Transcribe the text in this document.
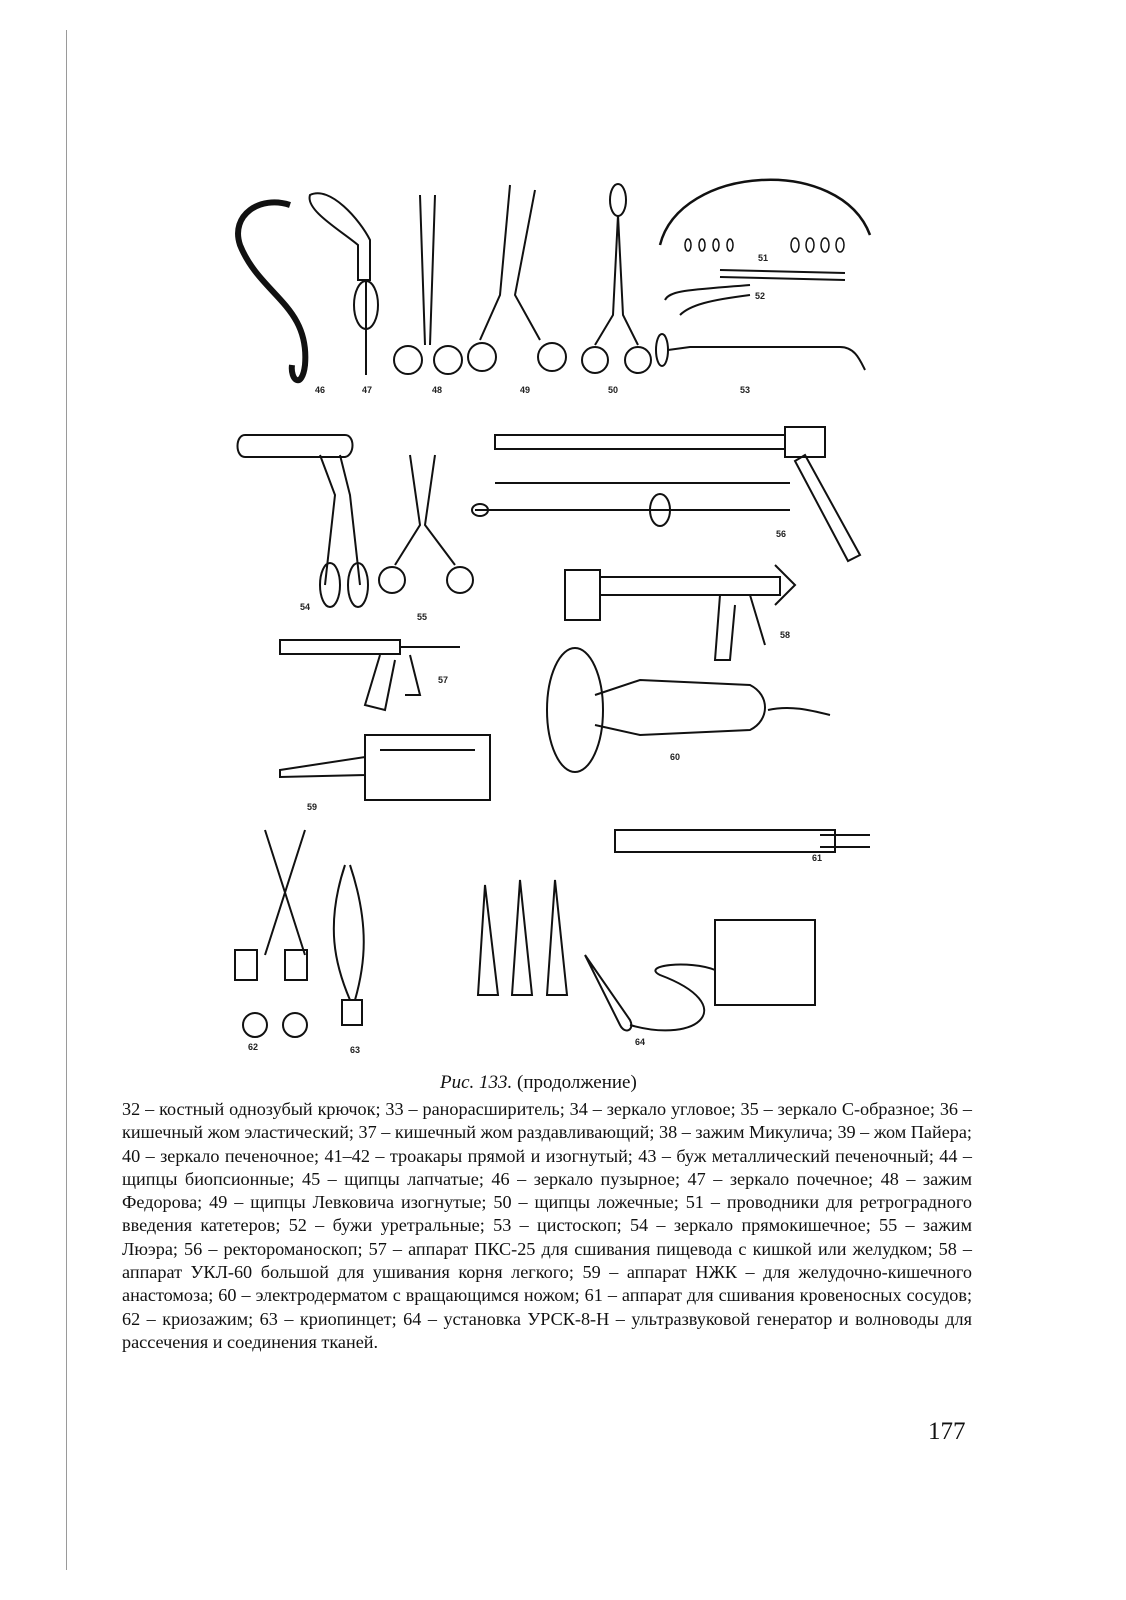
46	47	48	49	50
51
52
53
54
55
56
57
58
59
60
61
62	63
64
Рис. 133. (продолжение)
32 – костный однозубый крючок; 33 – ранорасширитель; 34 – зеркало угловое; 35 – зеркало С-образное; 36 – кишечный жом эластический; 37 – кишечный жом раздавливающий; 38 – зажим Микулича; 39 – жом Пайера; 40 – зеркало печеночное; 41–42 – троакары прямой и изогнутый; 43 – буж металлический печеночный; 44 – щипцы биопсионные; 45 – щипцы лапчатые; 46 – зеркало пузырное; 47 – зеркало почечное; 48 – зажим Федорова; 49 – щипцы Левковича изогнутые; 50 – щипцы ложечные; 51 – проводники для ретроградного введения катетеров; 52 – бужи уретральные; 53 – цистоскоп; 54 – зеркало прямокишечное; 55 – зажим Люэра; 56 – ректороманоскоп; 57 – аппарат ПКС-25 для сшивания пищевода с кишкой или желудком; 58 – аппарат УКЛ-60 большой для ушивания корня легкого; 59 – аппарат НЖК – для желудочно-кишечного анастомоза; 60 – электродерматом с вращающимся ножом; 61 – аппарат для сшивания кровеносных сосудов; 62 – криозажим; 63 – криопинцет; 64 – установка УРСК-8-Н – ультразвуковой генератор и волноводы для рассечения и соединения тканей.
177
